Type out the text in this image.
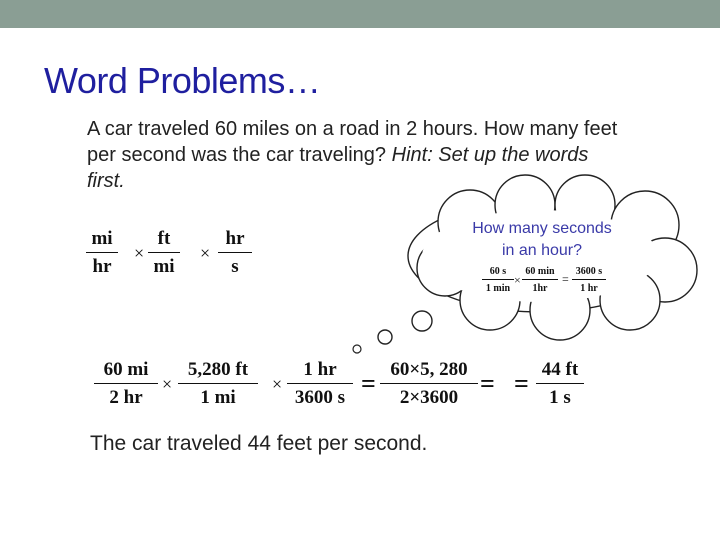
Word Problems…
A car traveled 60 miles on a road in 2 hours. How many feet per second was the car traveling? Hint: Set up the words first.
How many seconds
in an hour?
60 s
1 min
×
60 min
1hr
=
3600 s
1 hr
mi
hr
×
ft
mi
×
hr
s
60 mi
2 hr
×
5,280 ft
1 mi
×
1 hr
3600 s = 60×5, 280
2×3600 = = 44 ft
1 s
The car traveled 44 feet per second.
